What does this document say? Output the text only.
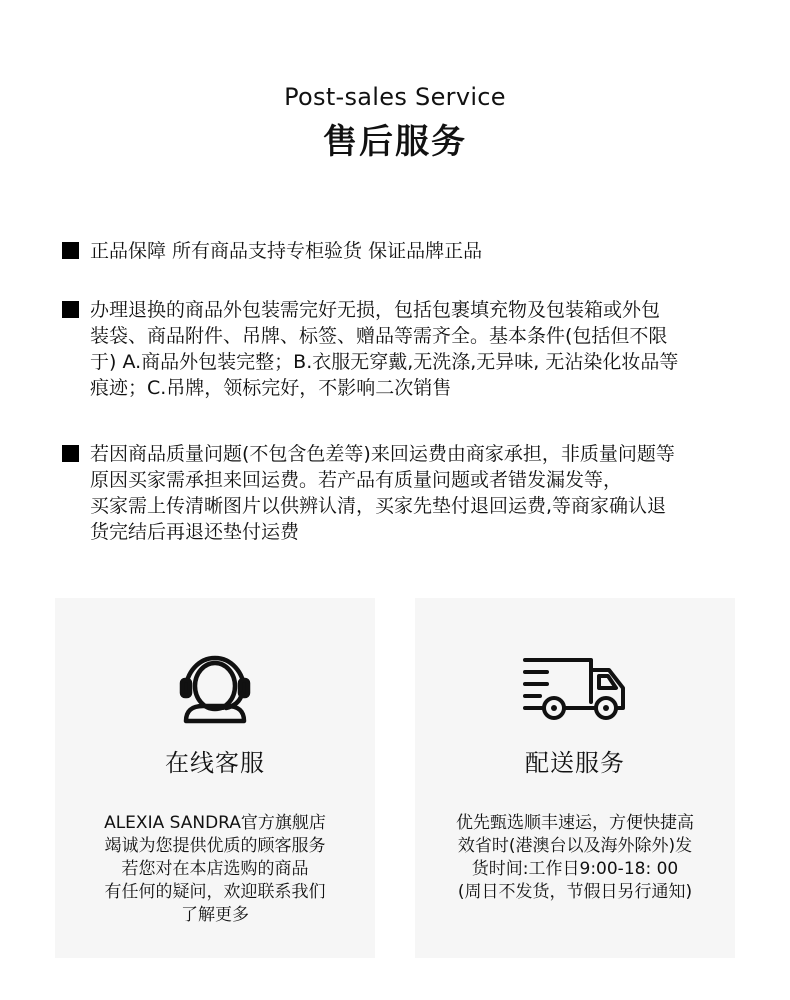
Post-sales Service
售后服务
正品保障 所有商品支持专柜验货 保证品牌正品
办理退换的商品外包装需完好无损，包括包裹填充物及包装箱或外包
装袋、商品附件、吊牌、标签、赠品等需齐全。基本条件(包括但不限
于) A.商品外包装完整；B.衣服无穿戴,无洗涤,无异味, 无沾染化妆品等
痕迹；C.吊牌，领标完好，不影响二次销售
若因商品质量问题(不包含色差等)来回运费由商家承担，非质量问题等
原因买家需承担来回运费。若产品有质量问题或者错发漏发等，
买家需上传清晰图片以供辨认清，买家先垫付退回运费,等商家确认退
货完结后再退还垫付运费
在线客服
ALEXIA SANDRA官方旗舰店
竭诚为您提供优质的顾客服务
若您对在本店选购的商品
有任何的疑问，欢迎联系我们
了解更多
配送服务
优先甄选顺丰速运，方便快捷高
效省时(港澳台以及海外除外)发
货时间:工作日9:00-18: 00
(周日不发货，节假日另行通知)
